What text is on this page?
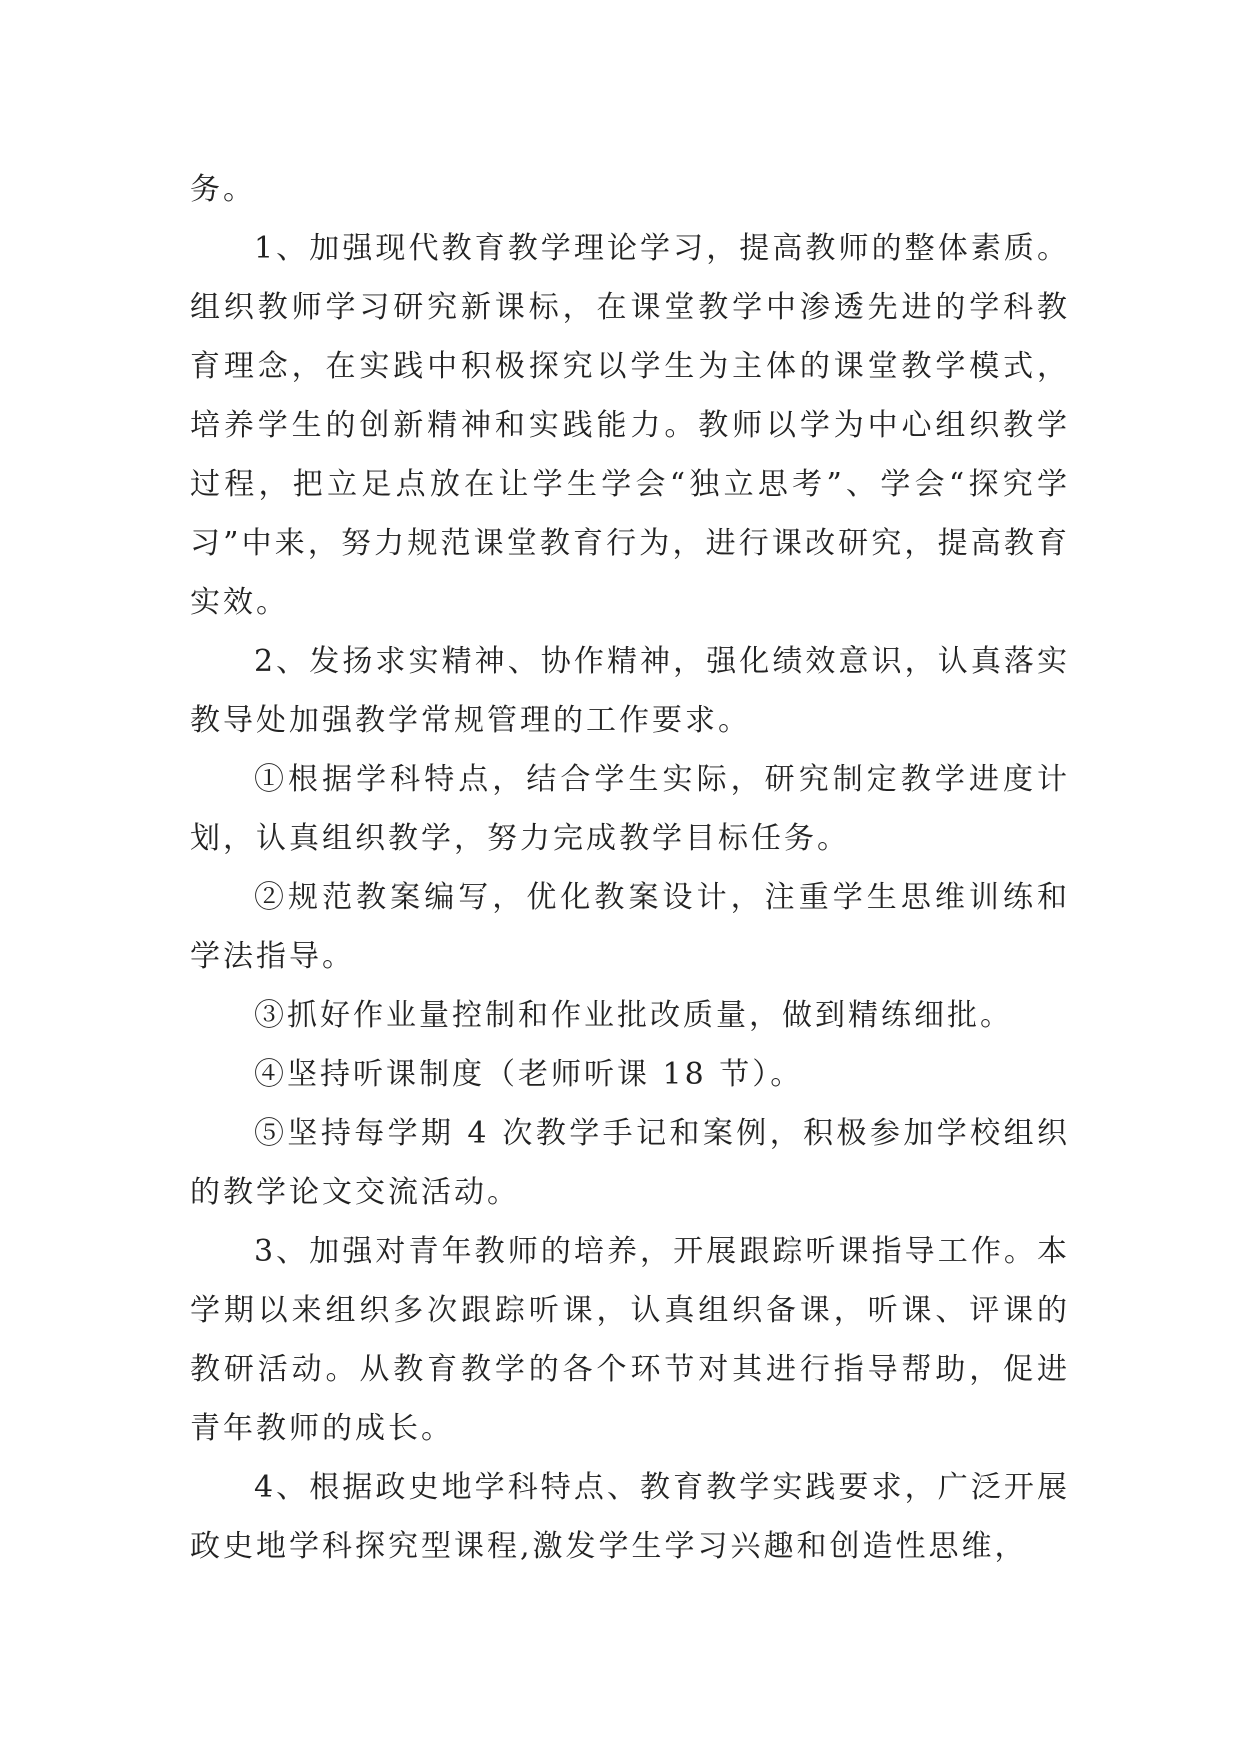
务。

1、加强现代教育教学理论学习，提高教师的整体素质。组织教师学习研究新课标，在课堂教学中渗透先进的学科教育理念，在实践中积极探究以学生为主体的课堂教学模式，培养学生的创新精神和实践能力。教师以学为中心组织教学过程，把立足点放在让学生学会“独立思考”、学会“探究学习”中来，努力规范课堂教育行为，进行课改研究，提高教育实效。

2、发扬求实精神、协作精神，强化绩效意识，认真落实教导处加强教学常规管理的工作要求。

①根据学科特点，结合学生实际，研究制定教学进度计划，认真组织教学，努力完成教学目标任务。

②规范教案编写，优化教案设计，注重学生思维训练和学法指导。

③抓好作业量控制和作业批改质量，做到精练细批。

④坚持听课制度（老师听课 18 节）。

⑤坚持每学期 4 次教学手记和案例，积极参加学校组织的教学论文交流活动。

3、加强对青年教师的培养，开展跟踪听课指导工作。本学期以来组织多次跟踪听课，认真组织备课，听课、评课的教研活动。从教育教学的各个环节对其进行指导帮助，促进青年教师的成长。

4、根据政史地学科特点、教育教学实践要求，广泛开展政史地学科探究型课程,激发学生学习兴趣和创造性思维，
